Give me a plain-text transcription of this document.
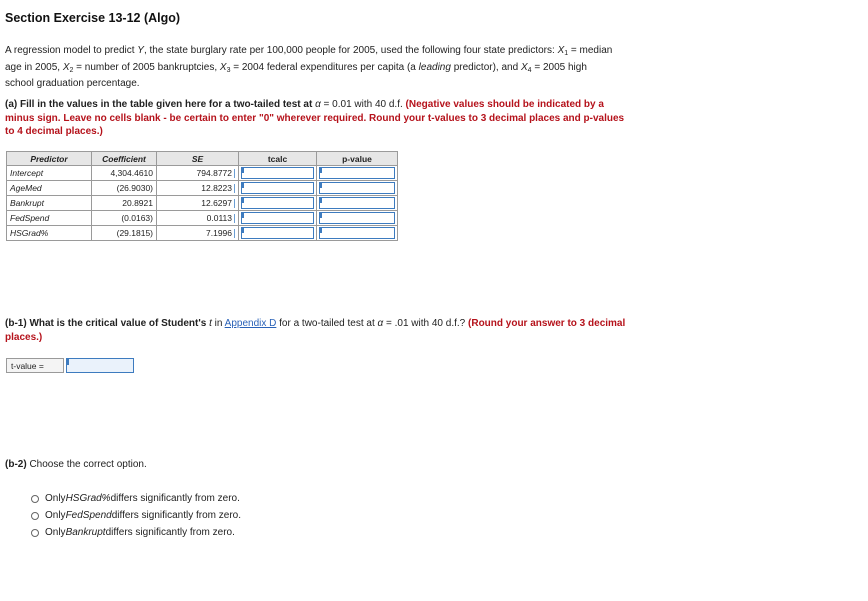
Section Exercise 13-12 (Algo)
A regression model to predict Y, the state burglary rate per 100,000 people for 2005, used the following four state predictors: $X_1$ = median age in 2005, $X_2$ = number of 2005 bankruptcies, $X_3 = 2004$ federal expenditures per capita (a leading predictor), and $X_4 = 2005$ high school graduation percentage.
(a) Fill in the values in the table given here for a two-tailed test at α = 0.01 with 40 d.f. (Negative values should be indicated by a minus sign. Leave no cells blank - be certain to enter "0" wherever required. Round your t-values to 3 decimal places and p-values to 4 decimal places.)
Predictor	Coefficient	SE	tcalc	p-value
Intercept	4,304.4610	794.8772	

AgeMed	(26.9030)	12.8223	

Bankrupt	20.8921	12.6297	

FedSpend	(0.0163)	0.0113	

HSGrad%	(29.1815)	7.1996	

(b-1) What is the critical value of Student's t in Appendix D for a two-tailed test at α = .01 with 40 d.f.? (Round your answer to 3 decimal places.)
t-value =
(b-2) Choose the correct option.
Only HSGrad% differs significantly from zero.
Only FedSpend differs significantly from zero.
Only Bankrupt differs significantly from zero.
